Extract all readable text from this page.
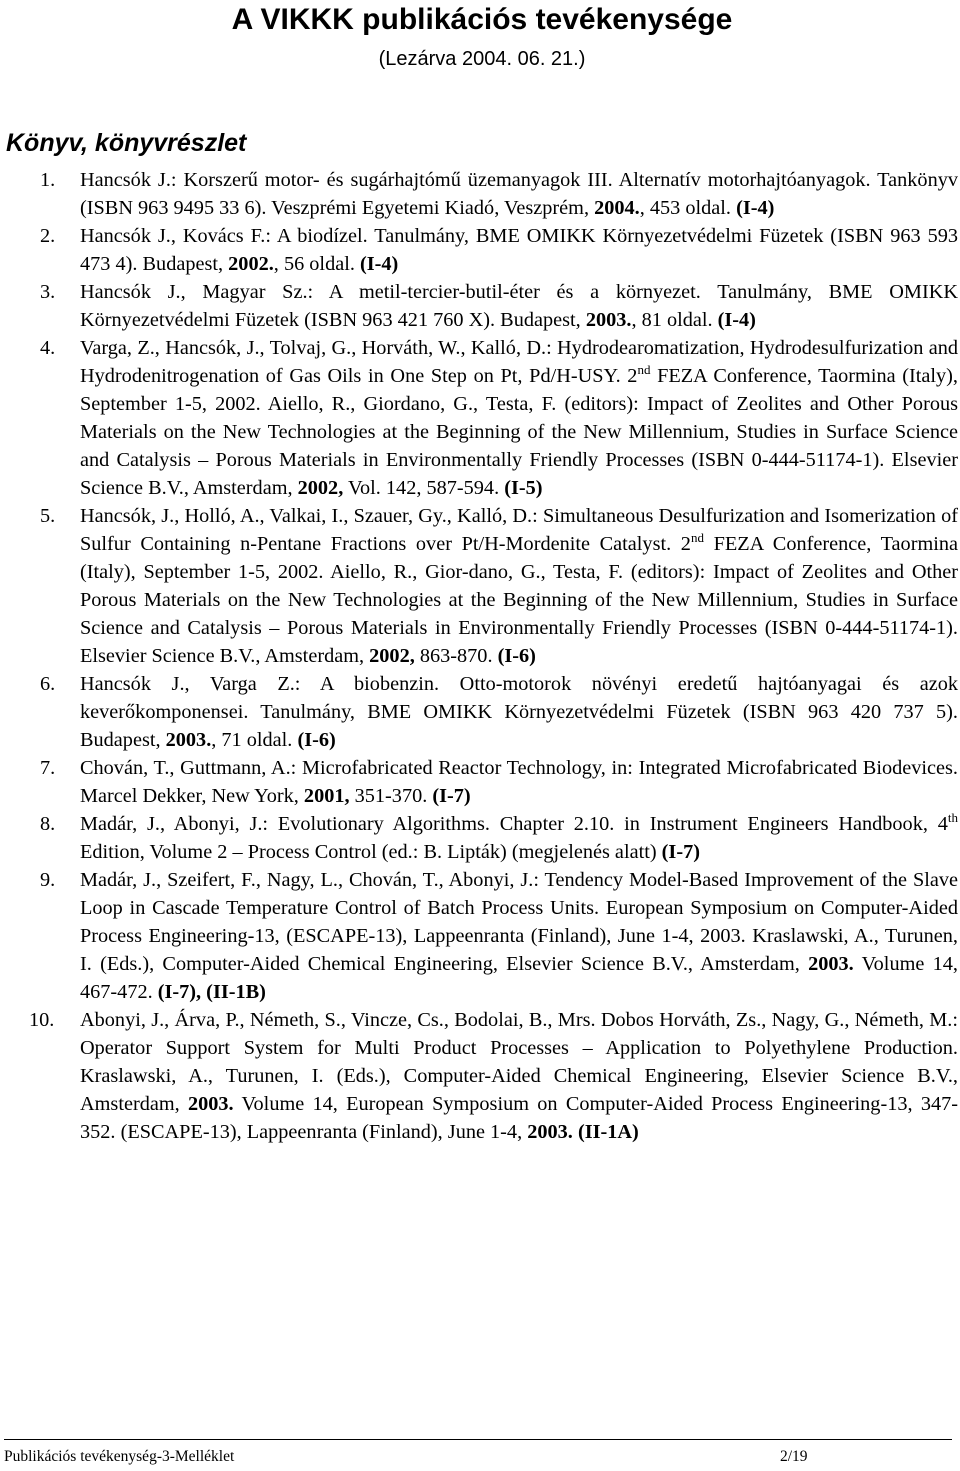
A VIKKK publikációs tevékenysége
(Lezárva 2004. 06. 21.)
Könyv, könyvrészlet
1.	Hancsók J.: Korszerű motor- és sugárhajtómű üzemanyagok III. Alternatív motorhajtóanyagok. Tankönyv (ISBN 963 9495 33 6). Veszprémi Egyetemi Kiadó, Veszprém, 2004., 453 oldal. (I-4)
2.	Hancsók J., Kovács F.: A biodízel. Tanulmány, BME OMIKK Környezetvédelmi Füzetek (ISBN 963 593 473 4). Budapest, 2002., 56 oldal. (I-4)
3.	Hancsók J., Magyar Sz.: A metil-tercier-butil-éter és a környezet. Tanulmány, BME OMIKK Környezetvédelmi Füzetek (ISBN 963 421 760 X). Budapest, 2003., 81 oldal. (I-4)
4.	Varga, Z., Hancsók, J., Tolvaj, G., Horváth, W., Kalló, D.: Hydrodearomatization, Hydrodesulfurization and Hydrodenitrogenation of Gas Oils in One Step on Pt, Pd/H-USY. 2nd FEZA Conference, Taormina (Italy), September 1-5, 2002. Aiello, R., Giordano, G., Testa, F. (editors): Impact of Zeolites and Other Porous Materials on the New Technologies at the Beginning of the New Millennium, Studies in Surface Science and Catalysis – Porous Materials in Environmentally Friendly Processes (ISBN 0-444-51174-1). Elsevier Science B.V., Amsterdam, 2002, Vol. 142, 587-594. (I-5)
5.	Hancsók, J., Holló, A., Valkai, I., Szauer, Gy., Kalló, D.: Simultaneous Desulfurization and Isomerization of Sulfur Containing n-Pentane Fractions over Pt/H-Mordenite Catalyst. 2nd FEZA Conference, Taormina (Italy), September 1-5, 2002. Aiello, R., Gior-dano, G., Testa, F. (editors): Impact of Zeolites and Other Porous Materials on the New Technologies at the Beginning of the New Millennium, Studies in Surface Science and Catalysis – Porous Materials in Environmentally Friendly Processes (ISBN 0-444-51174-1). Elsevier Science B.V., Amsterdam, 2002, 863-870. (I-6)
6.	Hancsók J., Varga Z.: A biobenzin. Otto-motorok növényi eredetű hajtóanyagai és azok keverőkomponensei. Tanulmány, BME OMIKK Környezetvédelmi Füzetek (ISBN 963 420 737 5). Budapest, 2003., 71 oldal. (I-6)
7.	Chován, T., Guttmann, A.: Microfabricated Reactor Technology, in: Integrated Microfabricated Biodevices. Marcel Dekker, New York, 2001, 351-370. (I-7)
8.	Madár, J., Abonyi, J.: Evolutionary Algorithms. Chapter 2.10. in Instrument Engineers Handbook, 4th Edition, Volume 2 – Process Control (ed.: B. Lipták) (megjelenés alatt) (I-7)
9.	Madár, J., Szeifert, F., Nagy, L., Chován, T., Abonyi, J.: Tendency Model-Based Improvement of the Slave Loop in Cascade Temperature Control of Batch Process Units. European Symposium on Computer-Aided Process Engineering-13, (ESCAPE-13), Lappeenranta (Finland), June 1-4, 2003. Kraslawski, A., Turunen, I. (Eds.), Computer-Aided Chemical Engineering, Elsevier Science B.V., Amsterdam, 2003. Volume 14, 467-472. (I-7), (II-1B)
10.	Abonyi, J., Árva, P., Németh, S., Vincze, Cs., Bodolai, B., Mrs. Dobos Horváth, Zs., Nagy, G., Németh, M.: Operator Support System for Multi Product Processes – Application to Polyethylene Production. Kraslawski, A., Turunen, I. (Eds.), Computer-Aided Chemical Engineering, Elsevier Science B.V., Amsterdam, 2003. Volume 14, European Symposium on Computer-Aided Process Engineering-13, 347-352. (ESCAPE-13), Lappeenranta (Finland), June 1-4, 2003. (II-1A)
Publikációs tevékenység-3-Melléklet	2/19
